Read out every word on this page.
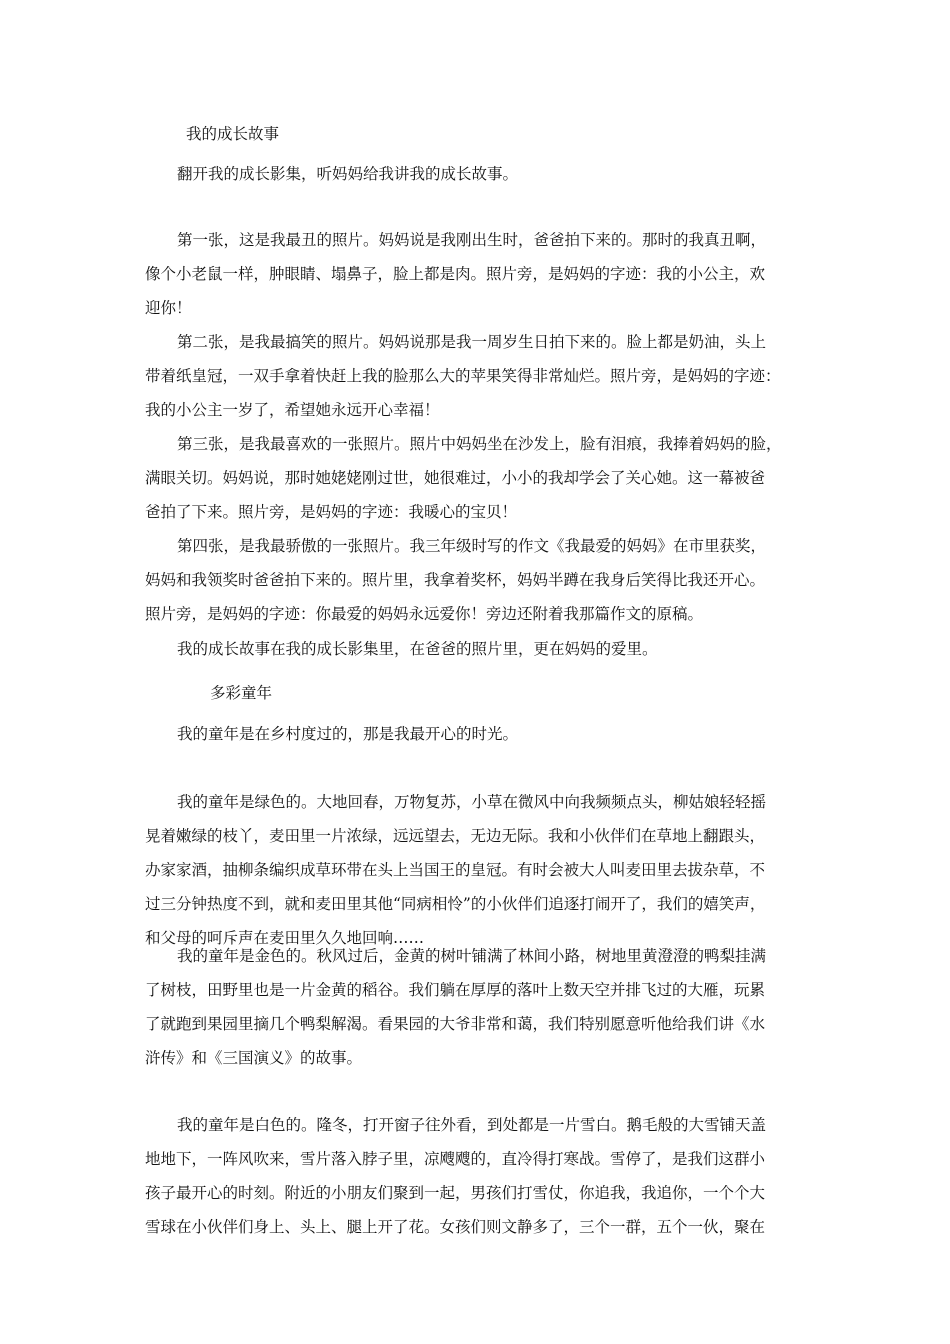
我的成长故事

翻开我的成长影集，听妈妈给我讲我的成长故事。

第一张，这是我最丑的照片。妈妈说是我刚出生时，爸爸拍下来的。那时的我真丑啊，
像个小老鼠一样，肿眼睛、塌鼻子，脸上都是肉。照片旁，是妈妈的字迹：我的小公主，欢
迎你！

第二张，是我最搞笑的照片。妈妈说那是我一周岁生日拍下来的。脸上都是奶油，头上
带着纸皇冠，一双手拿着快赶上我的脸那么大的苹果笑得非常灿烂。照片旁，是妈妈的字迹：
我的小公主一岁了，希望她永远开心幸福！

第三张，是我最喜欢的一张照片。照片中妈妈坐在沙发上，脸有泪痕，我捧着妈妈的脸，
满眼关切。妈妈说，那时她姥姥刚过世，她很难过，小小的我却学会了关心她。这一幕被爸
爸拍了下来。照片旁，是妈妈的字迹：我暖心的宝贝！

第四张，是我最骄傲的一张照片。我三年级时写的作文《我最爱的妈妈》在市里获奖，
妈妈和我领奖时爸爸拍下来的。照片里，我拿着奖杯，妈妈半蹲在我身后笑得比我还开心。
照片旁，是妈妈的字迹：你最爱的妈妈永远爱你！旁边还附着我那篇作文的原稿。

我的成长故事在我的成长影集里，在爸爸的照片里，更在妈妈的爱里。

多彩童年

我的童年是在乡村度过的，那是我最开心的时光。

我的童年是绿色的。大地回春，万物复苏，小草在微风中向我频频点头，柳姑娘轻轻摇
晃着嫩绿的枝丫，麦田里一片浓绿，远远望去，无边无际。我和小伙伴们在草地上翻跟头，
办家家酒，抽柳条编织成草环带在头上当国王的皇冠。有时会被大人叫麦田里去拔杂草，不
过三分钟热度不到，就和麦田里其他“同病相怜”的小伙伴们追逐打闹开了，我们的嬉笑声，
和父母的呵斥声在麦田里久久地回响……

我的童年是金色的。秋风过后，金黄的树叶铺满了林间小路，树地里黄澄澄的鸭梨挂满
了树枝，田野里也是一片金黄的稻谷。我们躺在厚厚的落叶上数天空并排飞过的大雁，玩累
了就跑到果园里摘几个鸭梨解渴。看果园的大爷非常和蔼，我们特别愿意听他给我们讲《水
浒传》和《三国演义》的故事。

我的童年是白色的。隆冬，打开窗子往外看，到处都是一片雪白。鹅毛般的大雪铺天盖
地地下，一阵风吹来，雪片落入脖子里，凉飕飕的，直冷得打寒战。雪停了，是我们这群小
孩子最开心的时刻。附近的小朋友们聚到一起，男孩们打雪仗，你追我，我追你，一个个大
雪球在小伙伴们身上、头上、腿上开了花。女孩们则文静多了，三个一群，五个一伙，聚在
